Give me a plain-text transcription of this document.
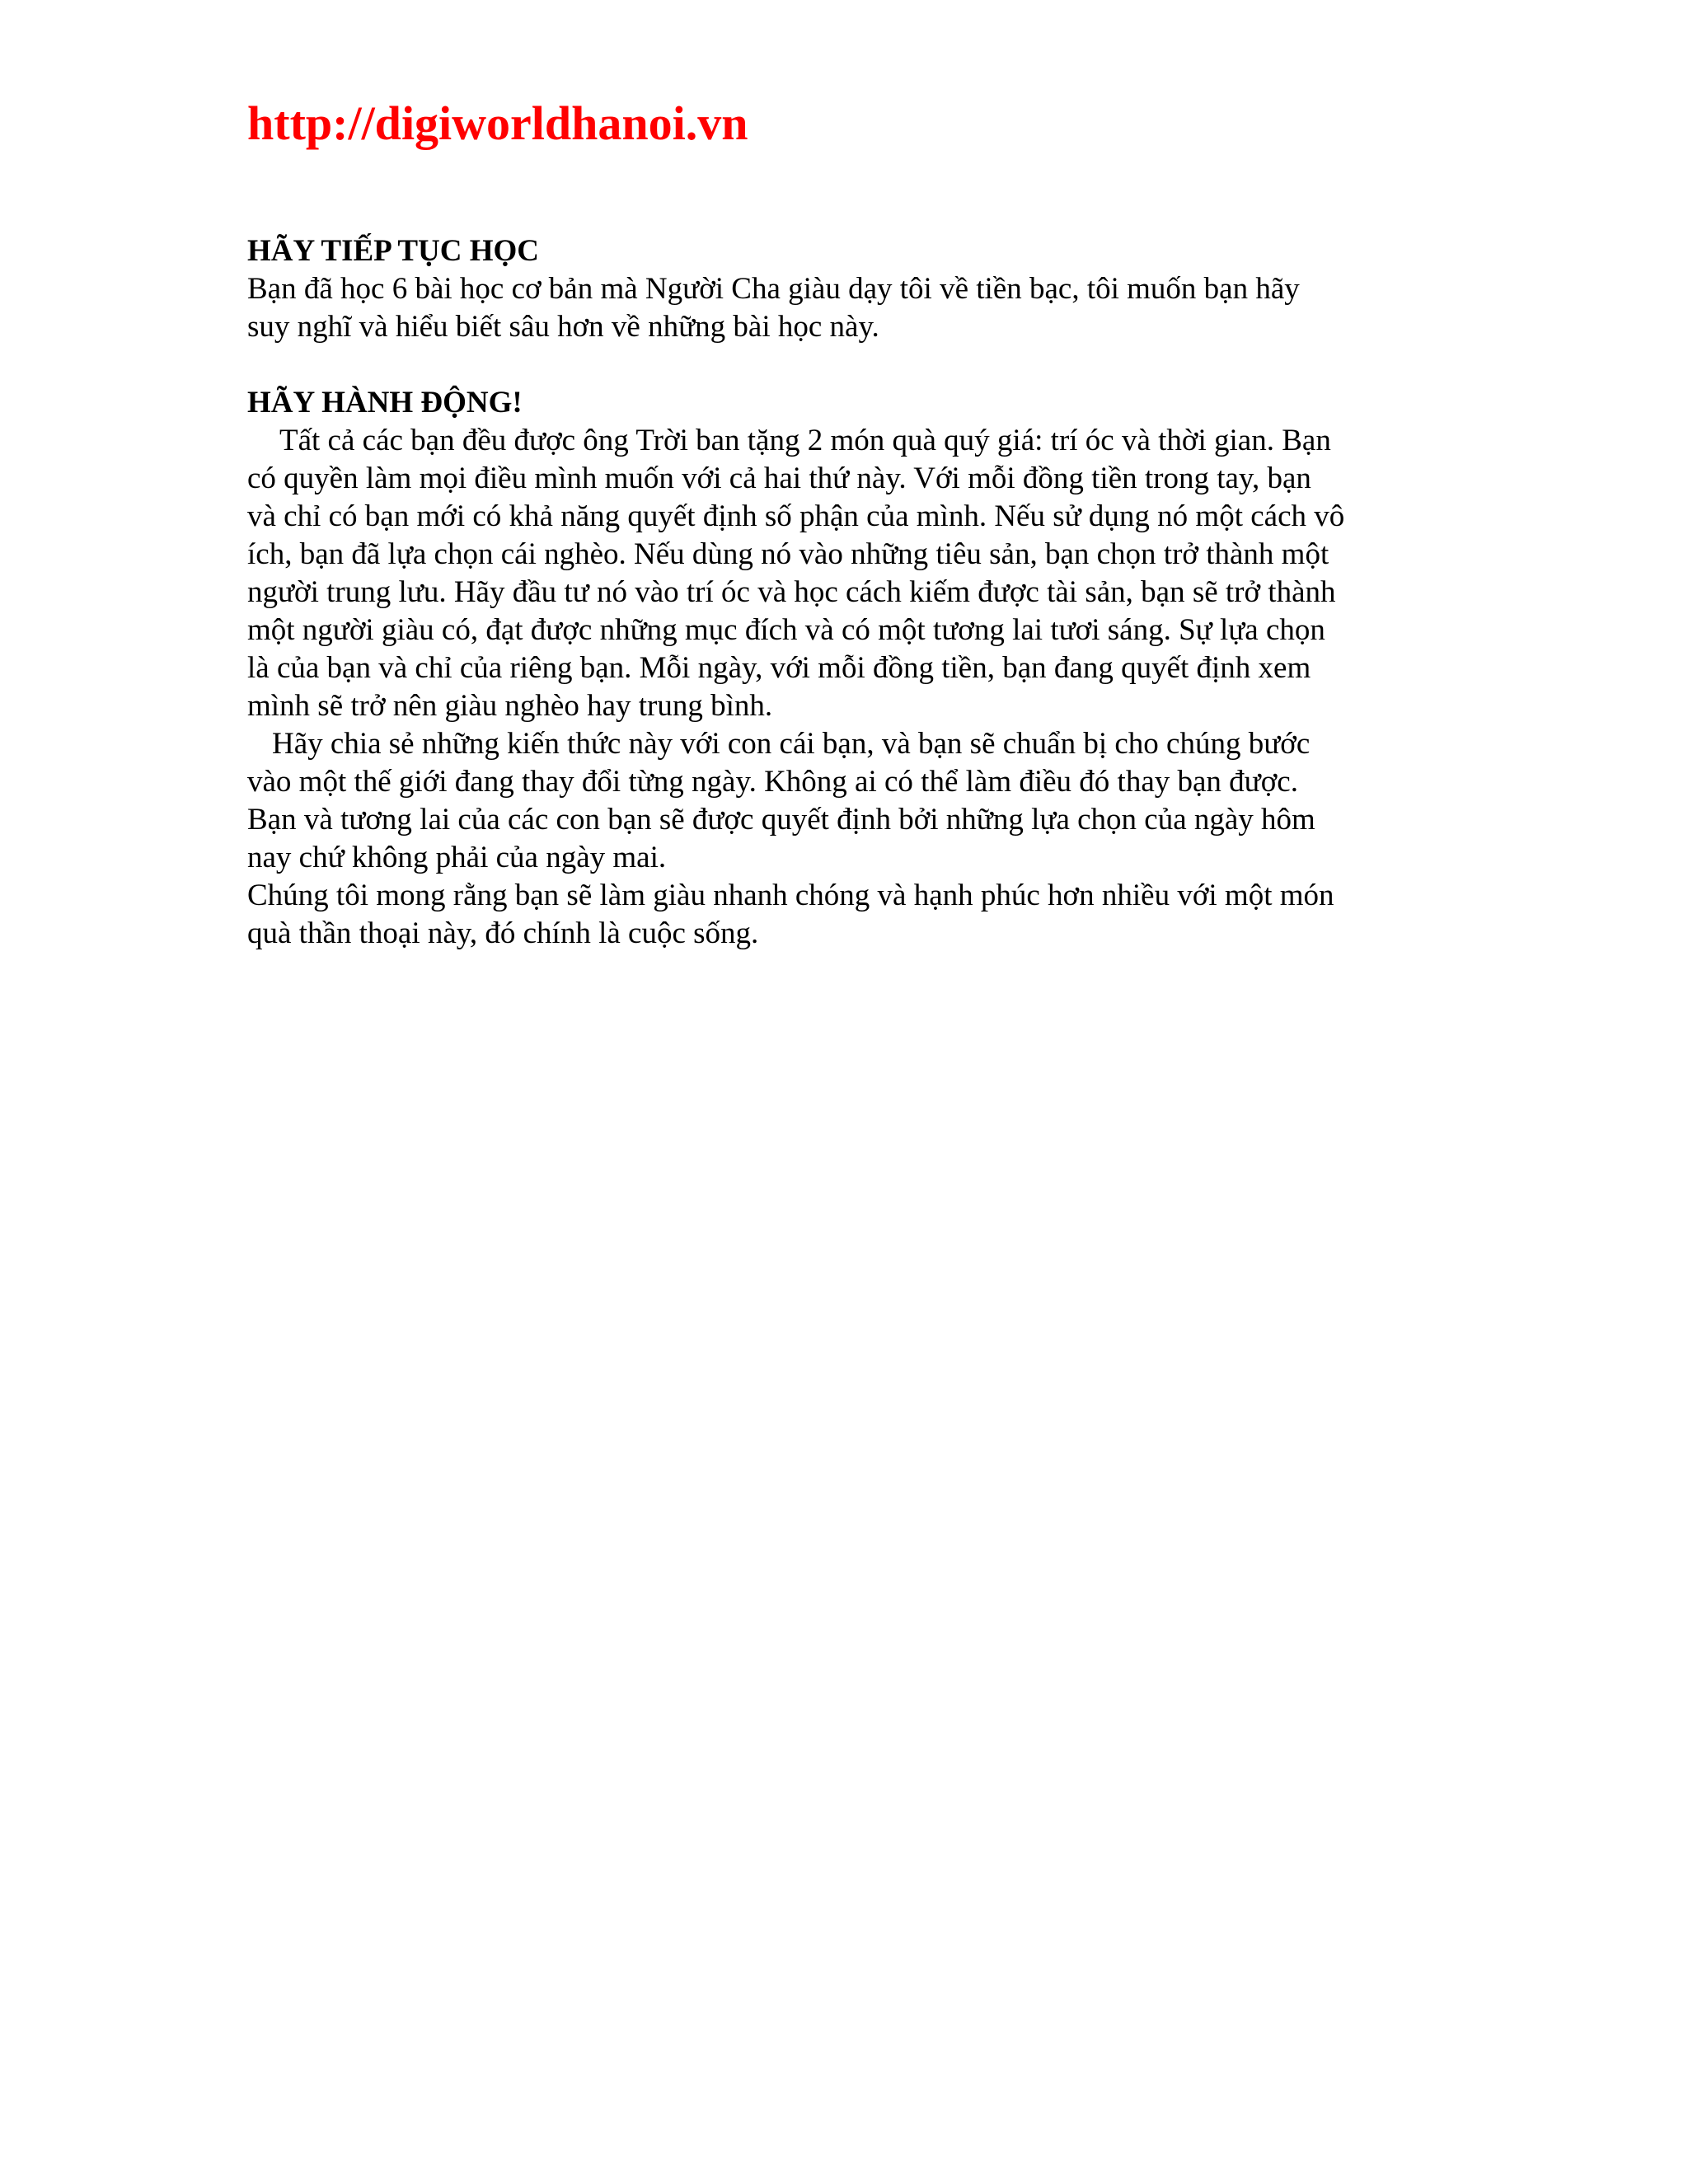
http://digiworldhanoi.vn
HÃY TIẾP TỤC HỌC

Bạn đã học 6 bài học cơ bản mà Người Cha giàu dạy tôi về tiền bạc, tôi muốn bạn hãy
suy nghĩ và hiểu biết sâu hơn về những bài học này.

HÃY HÀNH ĐỘNG!

Tất cả các bạn đều được ông Trời ban tặng 2 món quà quý giá: trí óc và thời gian. Bạn
có quyền làm mọi điều mình muốn với cả hai thứ này. Với mỗi đồng tiền trong tay, bạn
và chỉ có bạn mới có khả năng quyết định số phận của mình. Nếu sử dụng nó một cách vô
ích, bạn đã lựa chọn cái nghèo. Nếu dùng nó vào những tiêu sản, bạn chọn trở thành một
người trung lưu. Hãy đầu tư nó vào trí óc và học cách kiếm được tài sản, bạn sẽ trở thành
một người giàu có, đạt được những mục đích và có một tương lai tươi sáng. Sự lựa chọn
là của bạn và chỉ của riêng bạn. Mỗi ngày, với mỗi đồng tiền, bạn đang quyết định xem
mình sẽ trở nên giàu nghèo hay trung bình.

Hãy chia sẻ những kiến thức này với con cái bạn, và bạn sẽ chuẩn bị cho chúng bước
vào một thế giới đang thay đổi từng ngày. Không ai có thể làm điều đó thay bạn được.
Bạn và tương lai của các con bạn sẽ được quyết định bởi những lựa chọn của ngày hôm
nay chứ không phải của ngày mai.

Chúng tôi mong rằng bạn sẽ làm giàu nhanh chóng và hạnh phúc hơn nhiều với một món
quà thần thoại này, đó chính là cuộc sống.
